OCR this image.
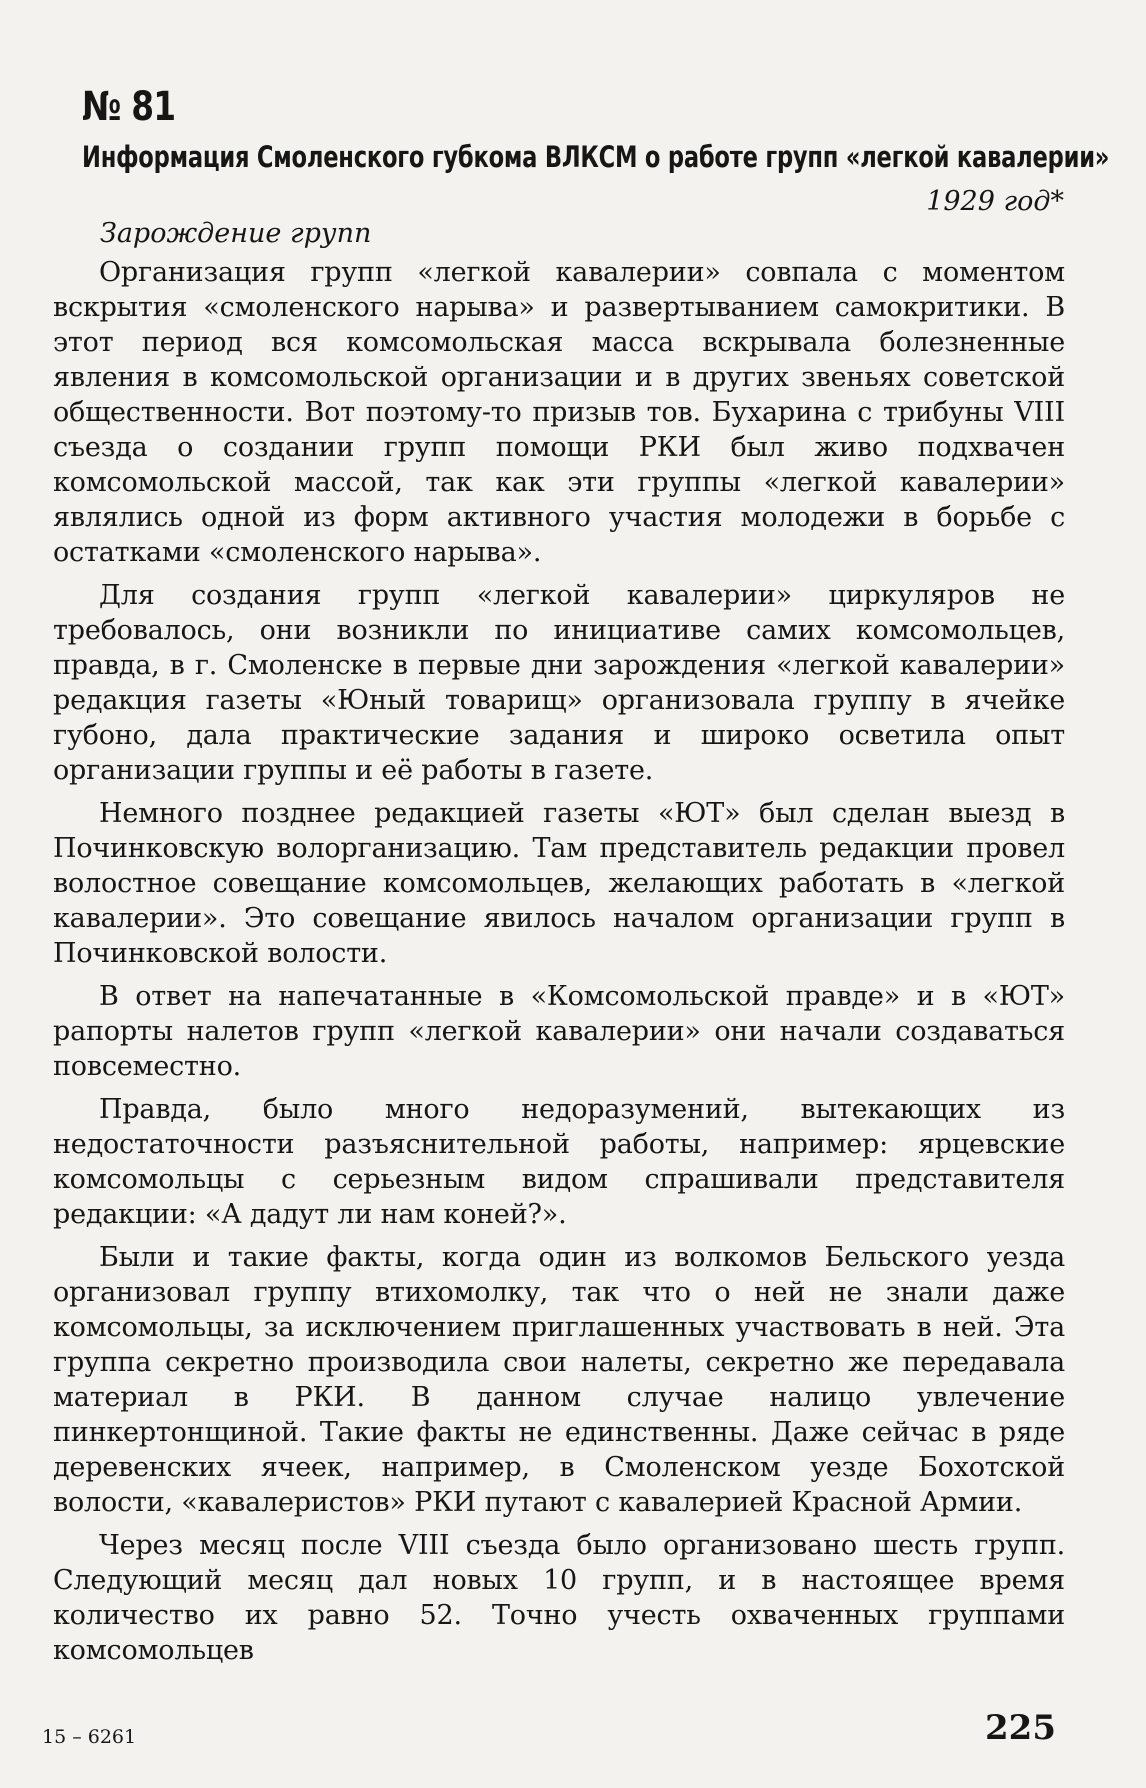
№ 81
Информация Смоленского губкома ВЛКСМ о работе групп «легкой кавалерии»
1929 год*
Зарождение групп

Организация групп «легкой кавалерии» совпала с моментом вскрытия «смоленского нарыва» и развертыванием самокритики. В этот период вся комсомольская масса вскрывала болезненные явления в комсомольской организации и в других звеньях советской общественности. Вот поэтому-то призыв тов. Бухарина с трибуны VIII съезда о создании групп помощи РКИ был живо подхвачен комсомольской массой, так как эти группы «легкой кавалерии» являлись одной из форм активного участия молодежи в борьбе с остатками «смоленского нарыва».

Для создания групп «легкой кавалерии» циркуляров не требовалось, они возникли по инициативе самих комсомольцев, правда, в г. Смоленске в первые дни зарождения «легкой кавалерии» редакция газеты «Юный товарищ» организовала группу в ячейке губоно, дала практические задания и широко осветила опыт организации группы и её работы в газете.

Немного позднее редакцией газеты «ЮТ» был сделан выезд в Починковскую волорганизацию. Там представитель редакции провел волостное совещание комсомольцев, желающих работать в «легкой кавалерии». Это совещание явилось началом организации групп в Починковской волости.

В ответ на напечатанные в «Комсомольской правде» и в «ЮТ» рапорты налетов групп «легкой кавалерии» они начали создаваться повсеместно.

Правда, было много недоразумений, вытекающих из недостаточности разъяснительной работы, например: ярцевские комсомольцы с серьезным видом спрашивали представителя редакции: «А дадут ли нам коней?».

Были и такие факты, когда один из волкомов Бельского уезда организовал группу втихомолку, так что о ней не знали даже комсомольцы, за исключением приглашенных участвовать в ней. Эта группа секретно производила свои налеты, секретно же передавала материал в РКИ. В данном случае налицо увлечение пинкертонщиной. Такие факты не единственны. Даже сейчас в ряде деревенских ячеек, например, в Смоленском уезде Бохотской волости, «кавалеристов» РКИ путают с кавалерией Красной Армии.

Через месяц после VIII съезда было организовано шесть групп. Следующий месяц дал новых 10 групп, и в настоящее время количество их равно 52. Точно учесть охваченных группами комсомольцев

15 – 6261	225
